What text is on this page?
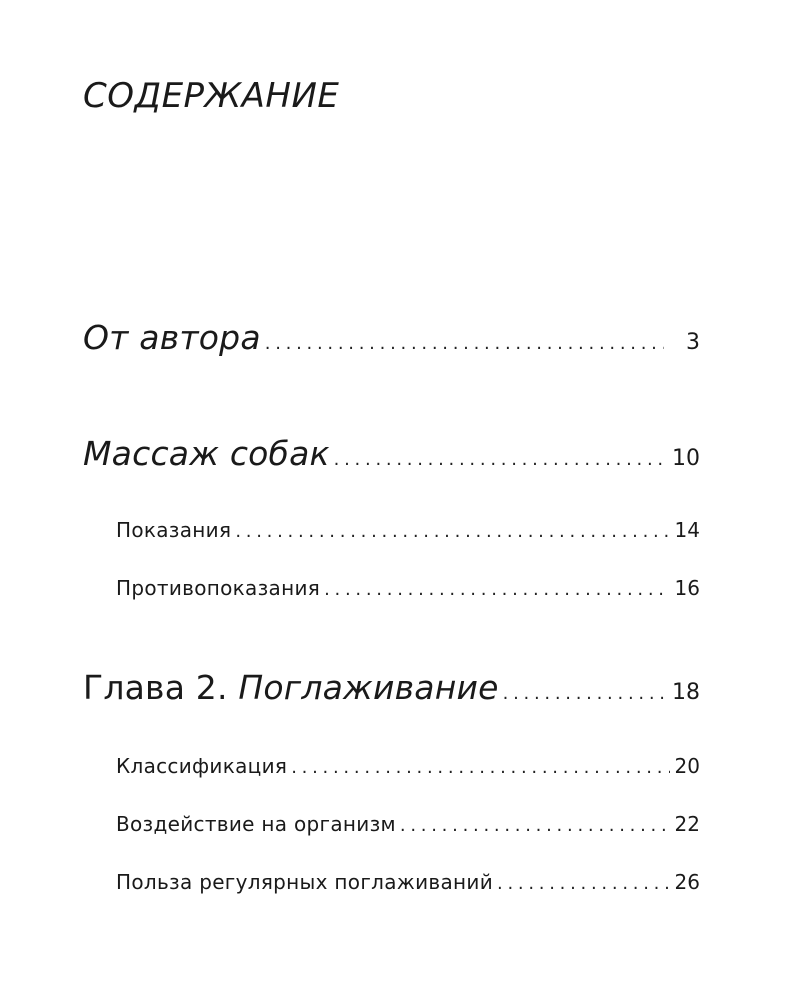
СОДЕРЖАНИЕ
От автора . . .	3
Массаж собак . . .	10
Показания . . .	14
Противопоказания . . .	16
Глава 2. Поглаживание . . .	18
Классификация . . .	20
Воздействие на организм . . .	22
Польза регулярных поглаживаний . . .	26
